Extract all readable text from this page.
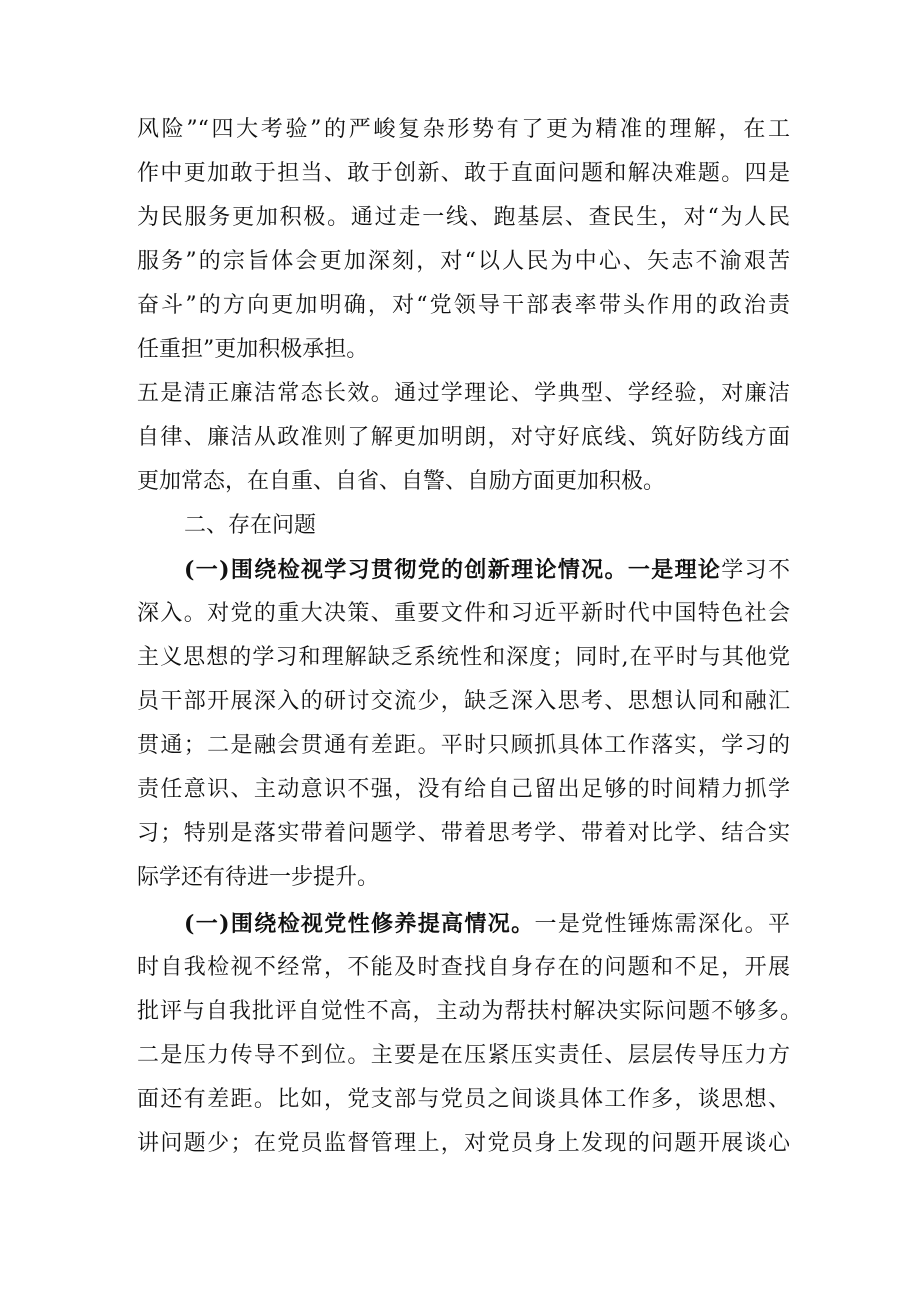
风险”“四大考验”的严峻复杂形势有了更为精准的理解，在工
作中更加敢于担当、敢于创新、敢于直面问题和解决难题。四是
为民服务更加积极。通过走一线、跑基层、查民生，对“为人民
服务”的宗旨体会更加深刻，对“以人民为中心、矢志不渝艰苦
奋斗”的方向更加明确，对“党领导干部表率带头作用的政治责
任重担”更加积极承担。
五是清正廉洁常态长效。通过学理论、学典型、学经验，对廉洁
自律、廉洁从政准则了解更加明朗，对守好底线、筑好防线方面
更加常态，在自重、自省、自警、自励方面更加积极。
二、存在问题
(一)围绕检视学习贯彻党的创新理论情况。一是理论学习不
深入。对党的重大决策、重要文件和习近平新时代中国特色社会
主义思想的学习和理解缺乏系统性和深度；同时,在平时与其他党
员干部开展深入的研讨交流少，缺乏深入思考、思想认同和融汇
贯通；二是融会贯通有差距。平时只顾抓具体工作落实，学习的
责任意识、主动意识不强，没有给自己留出足够的时间精力抓学
习；特别是落实带着问题学、带着思考学、带着对比学、结合实
际学还有待进一步提升。
(一)围绕检视党性修养提高情况。一是党性锤炼需深化。平
时自我检视不经常，不能及时查找自身存在的问题和不足，开展
批评与自我批评自觉性不高，主动为帮扶村解决实际问题不够多。
二是压力传导不到位。主要是在压紧压实责任、层层传导压力方
面还有差距。比如，党支部与党员之间谈具体工作多，谈思想、
讲问题少；在党员监督管理上，对党员身上发现的问题开展谈心
